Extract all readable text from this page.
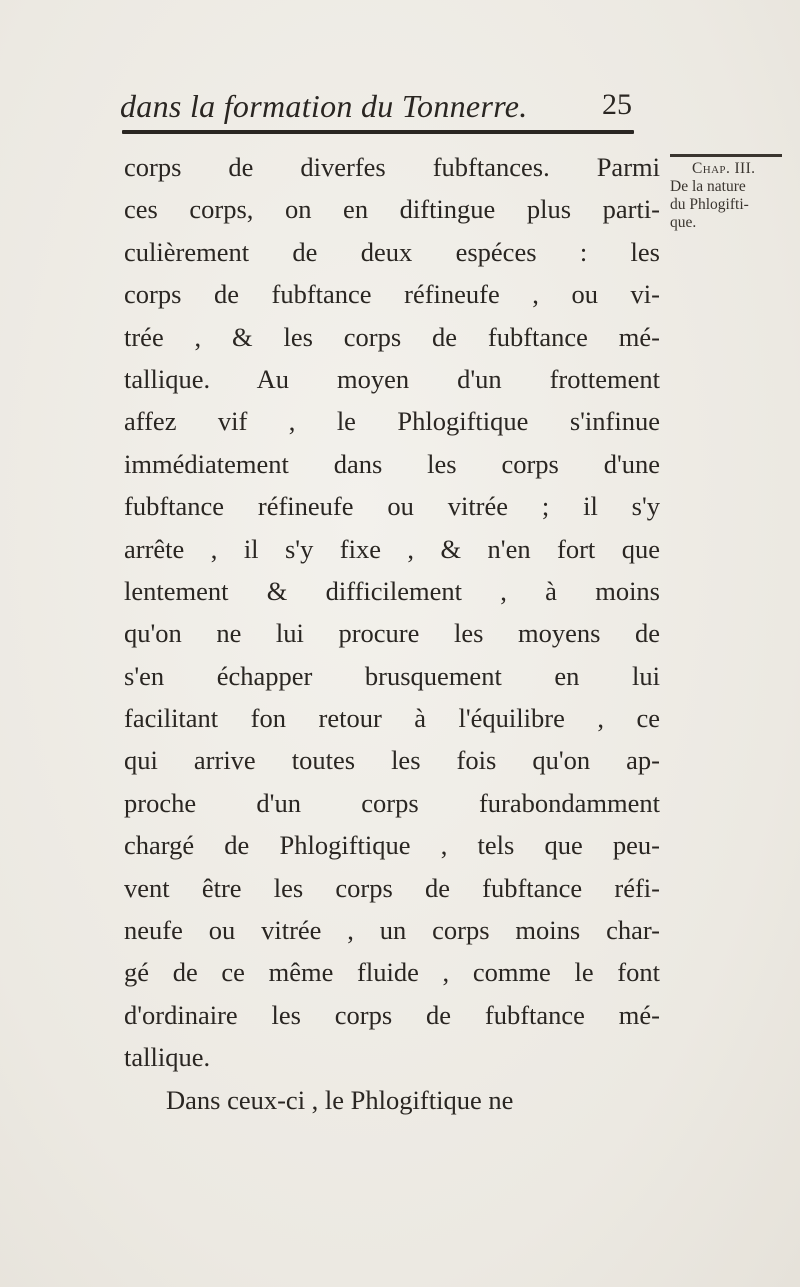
dans la formation du Tonnerre. 25
corps de diverfes fubftances. Parmi
ces corps, on en diftingue plus parti-
culièrement de deux espéces : les
corps de fubftance réfineufe , ou vi-
trée , & les corps de fubftance mé-
tallique. Au moyen d'un frottement
affez vif , le Phlogiftique s'infinue
immédiatement dans les corps d'une
fubftance réfineufe ou vitrée ; il s'y
arrête , il s'y fixe , & n'en fort que
lentement & difficilement , à moins
qu'on ne lui procure les moyens de
s'en échapper brusquement en lui
facilitant fon retour à l'équilibre , ce
qui arrive toutes les fois qu'on ap-
proche d'un corps furabondamment
chargé de Phlogiftique , tels que peu-
vent être les corps de fubftance réfi-
neufe ou vitrée , un corps moins char-
gé de ce même fluide , comme le font
d'ordinaire les corps de fubftance mé-
tallique.
Dans ceux-ci , le Phlogiftique ne
Chap. III.
De la nature
du Phlogifti-
que.
